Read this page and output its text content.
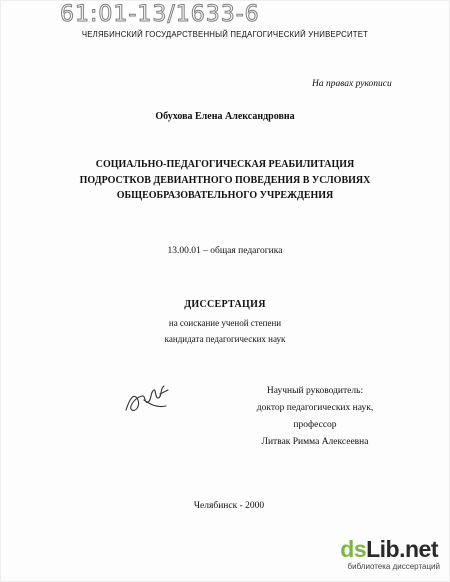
61:01-13/1633-6
ЧЕЛЯБИНСКИЙ ГОСУДАРСТВЕННЫЙ ПЕДАГОГИЧЕСКИЙ УНИВЕРСИТЕТ
На правах рукописи
Обухова Елена Александровна
СОЦИАЛЬНО-ПЕДАГОГИЧЕСКАЯ РЕАБИЛИТАЦИЯ
ПОДРОСТКОВ ДЕВИАНТНОГО ПОВЕДЕНИЯ В УСЛОВИЯХ
ОБЩЕОБРАЗОВАТЕЛЬНОГО УЧРЕЖДЕНИЯ
13.00.01 – общая педагогика
ДИССЕРТАЦИЯ
на соискание ученой степени
кандидата педагогических наук
Научный руководитель:
доктор педагогических наук,
профессор
Литвак Римма Алексеевна
Челябинск - 2000
dsLib.net
библиотека диссертаций
